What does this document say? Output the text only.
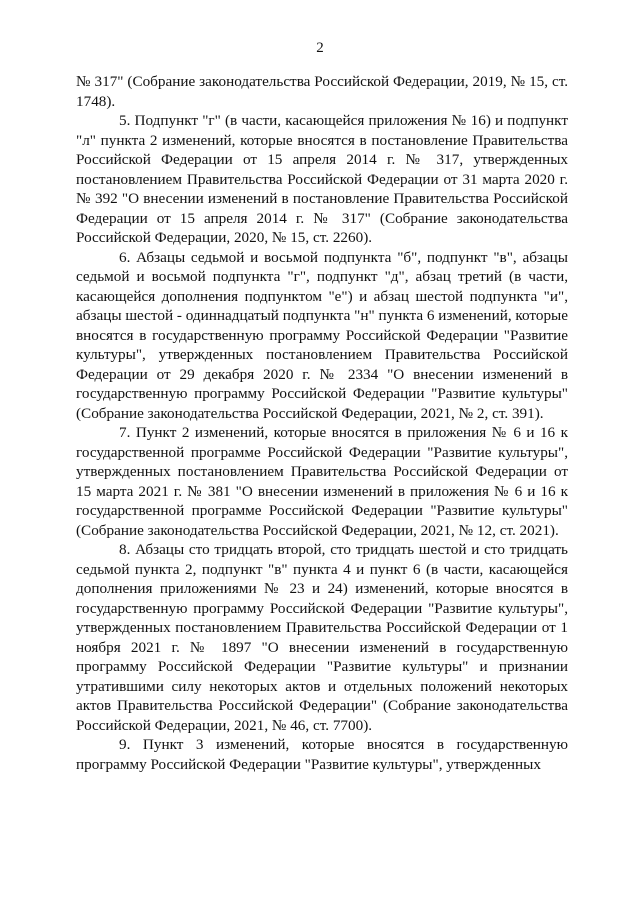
2

№ 317" (Собрание законодательства Российской Федерации, 2019, № 15, ст. 1748).

5. Подпункт "г" (в части, касающейся приложения № 16) и подпункт "л" пункта 2 изменений, которые вносятся в постановление Правительства Российской Федерации от 15 апреля 2014 г. № 317, утвержденных постановлением Правительства Российской Федерации от 31 марта 2020 г. № 392 "О внесении изменений в постановление Правительства Российской Федерации от 15 апреля 2014 г. № 317" (Собрание законодательства Российской Федерации, 2020, № 15, ст. 2260).

6. Абзацы седьмой и восьмой подпункта "б", подпункт "в", абзацы седьмой и восьмой подпункта "г", подпункт "д", абзац третий (в части, касающейся дополнения подпунктом "е") и абзац шестой подпункта "и", абзацы шестой - одиннадцатый подпункта "н" пункта 6 изменений, которые вносятся в государственную программу Российской Федерации "Развитие культуры", утвержденных постановлением Правительства Российской Федерации от 29 декабря 2020 г. № 2334 "О внесении изменений в государственную программу Российской Федерации "Развитие культуры" (Собрание законодательства Российской Федерации, 2021, № 2, ст. 391).

7. Пункт 2 изменений, которые вносятся в приложения № 6 и 16 к государственной программе Российской Федерации "Развитие культуры", утвержденных постановлением Правительства Российской Федерации от 15 марта 2021 г. № 381 "О внесении изменений в приложения № 6 и 16 к государственной программе Российской Федерации "Развитие культуры" (Собрание законодательства Российской Федерации, 2021, № 12, ст. 2021).

8. Абзацы сто тридцать второй, сто тридцать шестой и сто тридцать седьмой пункта 2, подпункт "в" пункта 4 и пункт 6 (в части, касающейся дополнения приложениями № 23 и 24) изменений, которые вносятся в государственную программу Российской Федерации "Развитие культуры", утвержденных постановлением Правительства Российской Федерации от 1 ноября 2021 г. № 1897 "О внесении изменений в государственную программу Российской Федерации "Развитие культуры" и признании утратившими силу некоторых актов и отдельных положений некоторых актов Правительства Российской Федерации" (Собрание законодательства Российской Федерации, 2021, № 46, ст. 7700).

9. Пункт 3 изменений, которые вносятся в государственную программу Российской Федерации "Развитие культуры", утвержденных
